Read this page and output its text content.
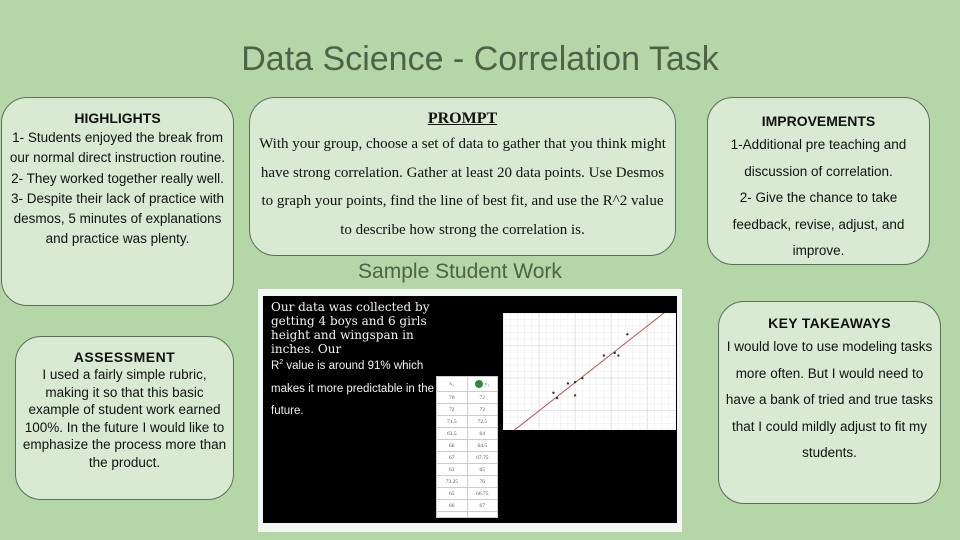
Data Science - Correlation Task
HIGHLIGHTS

1- Students enjoyed the break from our normal direct instruction routine.

2- They worked together really well.

3- Despite their lack of practice with desmos, 5 minutes of explanations and practice was plenty.

PROMPT

With your group, choose a set of data to gather that you think might have strong correlation. Gather at least 20 data points. Use Desmos to graph your points, find the line of best fit, and use the R^2 value to describe how strong the correlation is.

IMPROVEMENTS

1-Additional pre teaching and discussion of correlation.

2- Give the chance to take feedback, revise, adjust, and improve.

ASSESSMENT

I used a fairly simple rubric, making it so that this basic example of student work earned 100%. In the future I would like to emphasize the process more than the product.

KEY TAKEAWAYS

I would love to use modeling tasks more often. But I would need to have a bank of tried and true tasks that I could mildly adjust to fit my students.

Sample Student Work
Our data was collected by getting 4 boys and 6 girls height and wingspan in inches. Our
$R^2$ value is around 91% which
makes it more predictable in the future.
x₁	y₁
70	72
72	72
71.5	72.5
63.5	64
66	64.5
67	67.75
63	65
73.25	76
65	66.75
66	67
